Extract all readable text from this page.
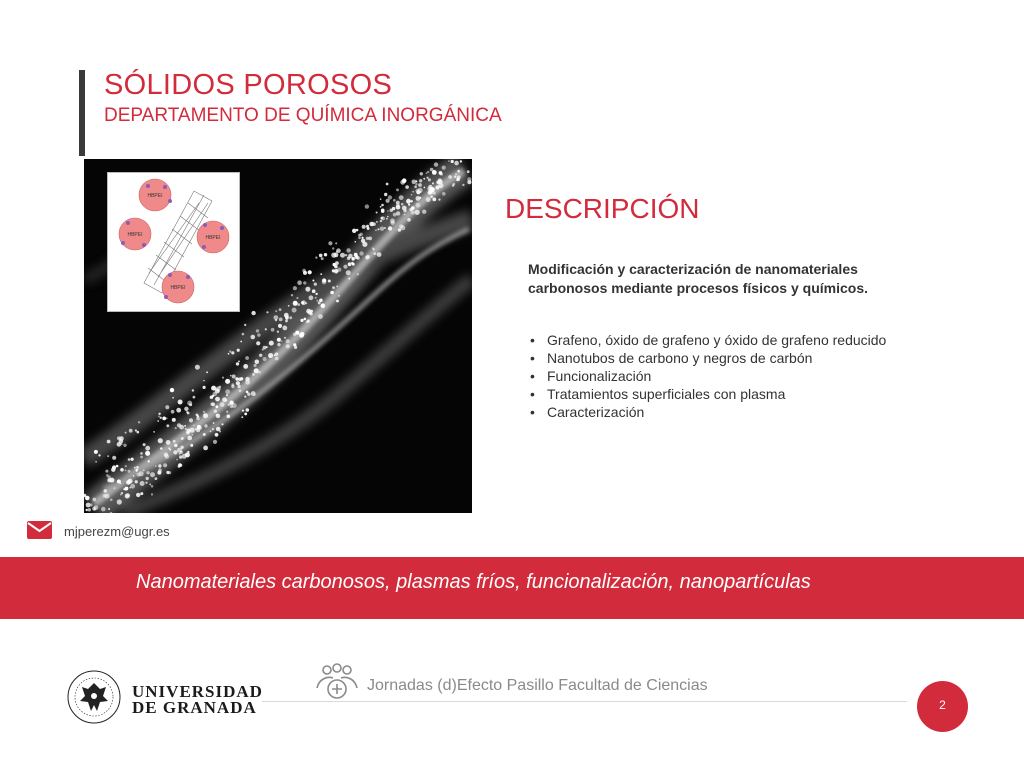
SÓLIDOS POROSOS
DEPARTAMENTO DE QUÍMICA INORGÁNICA
HBPEI
HBPEI	HBPEI
HBPEI
DESCRIPCIÓN
Modificación y caracterización de nanomateriales carbonosos mediante procesos físicos y químicos.
• Grafeno, óxido de grafeno y óxido de grafeno reducido
• Nanotubos de carbono y negros de carbón
• Funcionalización
• Tratamientos superficiales con plasma
• Caracterización
mjperezm@ugr.es
Nanomateriales carbonosos, plasmas fríos, funcionalización, nanopartículas
UNIVERSIDAD
DE GRANADA
Jornadas (d)Efecto Pasillo Facultad de Ciencias
2
